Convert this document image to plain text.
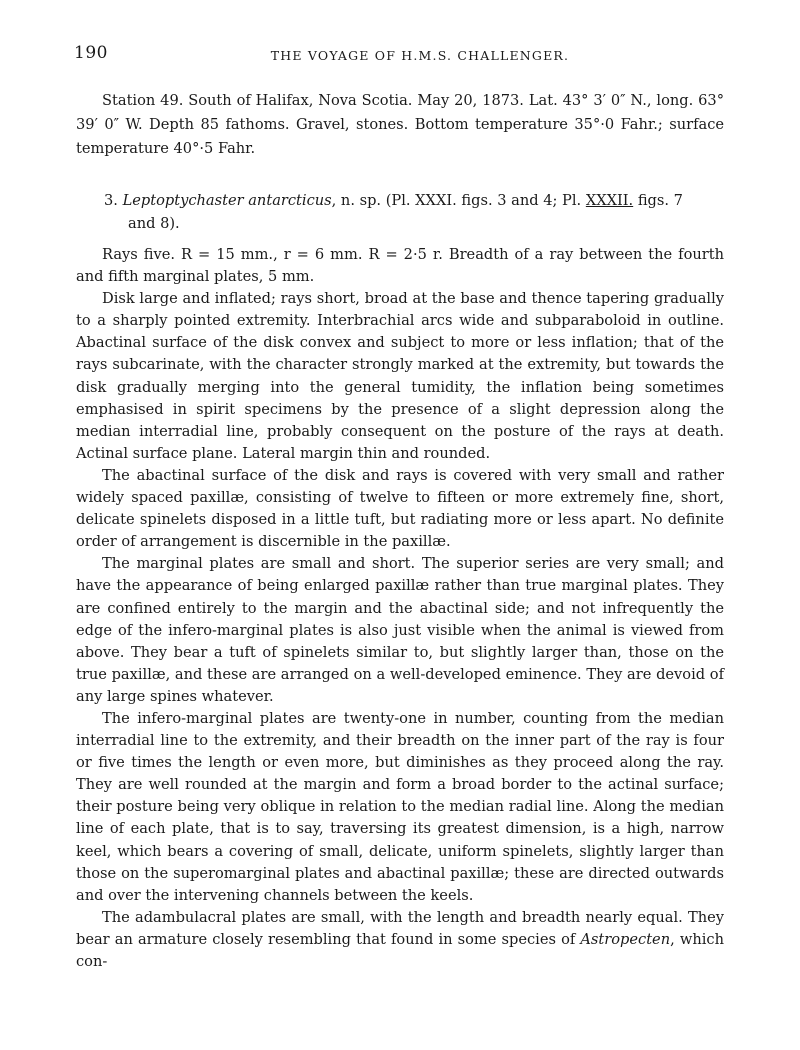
190	THE VOYAGE OF H.M.S. CHALLENGER.

Station 49. South of Halifax, Nova Scotia. May 20, 1873. Lat. 43° 3′ 0″ N., long. 63° 39′ 0″ W. Depth 85 fathoms. Gravel, stones. Bottom temperature 35°·0 Fahr.; surface temperature 40°·5 Fahr.

3. Leptoptychaster antarcticus, n. sp. (Pl. XXXI. figs. 3 and 4; Pl. XXXII. figs. 7
and 8).

Rays five. R = 15 mm., r = 6 mm. R = 2·5 r. Breadth of a ray between the fourth and fifth marginal plates, 5 mm.

Disk large and inflated; rays short, broad at the base and thence tapering gradually to a sharply pointed extremity. Interbrachial arcs wide and subparaboloid in outline. Abactinal surface of the disk convex and subject to more or less inflation; that of the rays subcarinate, with the character strongly marked at the extremity, but towards the disk gradually merging into the general tumidity, the inflation being sometimes emphasised in spirit specimens by the presence of a slight depression along the median interradial line, probably consequent on the posture of the rays at death. Actinal surface plane. Lateral margin thin and rounded.

The abactinal surface of the disk and rays is covered with very small and rather widely spaced paxillæ, consisting of twelve to fifteen or more extremely fine, short, delicate spinelets disposed in a little tuft, but radiating more or less apart. No definite order of arrangement is discernible in the paxillæ.

The marginal plates are small and short. The superior series are very small; and have the appearance of being enlarged paxillæ rather than true marginal plates. They are confined entirely to the margin and the abactinal side; and not infrequently the edge of the infero-marginal plates is also just visible when the animal is viewed from above. They bear a tuft of spinelets similar to, but slightly larger than, those on the true paxillæ, and these are arranged on a well-developed eminence. They are devoid of any large spines whatever.

The infero-marginal plates are twenty-one in number, counting from the median interradial line to the extremity, and their breadth on the inner part of the ray is four or five times the length or even more, but diminishes as they proceed along the ray. They are well rounded at the margin and form a broad border to the actinal surface; their posture being very oblique in relation to the median radial line. Along the median line of each plate, that is to say, traversing its greatest dimension, is a high, narrow keel, which bears a covering of small, delicate, uniform spinelets, slightly larger than those on the superomarginal plates and abactinal paxillæ; these are directed outwards and over the intervening channels between the keels.

The adambulacral plates are small, with the length and breadth nearly equal. They bear an armature closely resembling that found in some species of Astropecten, which con-
